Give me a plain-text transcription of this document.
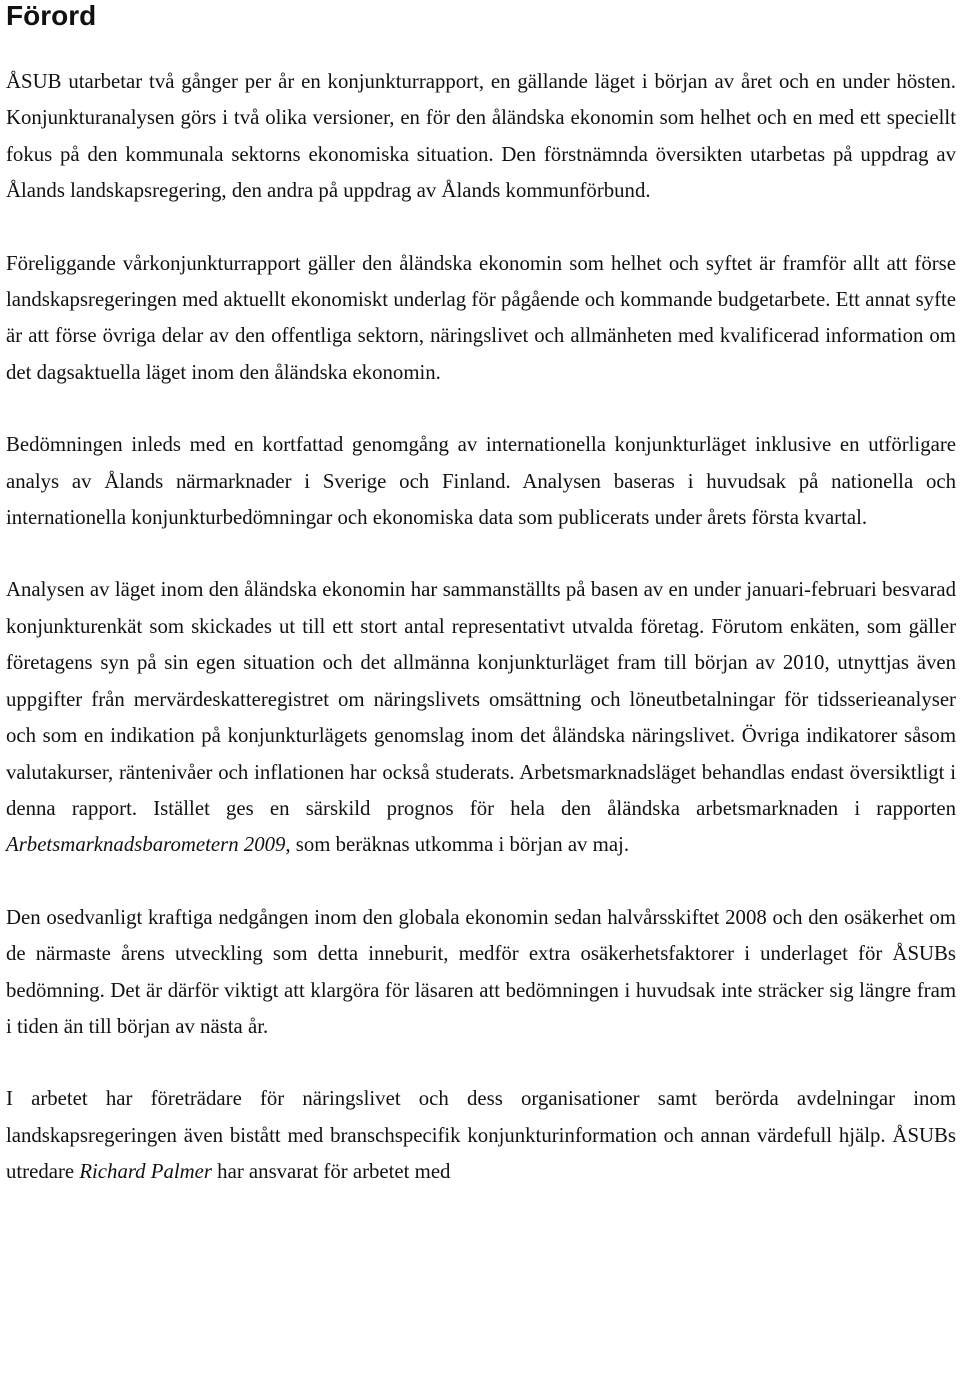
Förord

ÅSUB utarbetar två gånger per år en konjunkturrapport, en gällande läget i början av året och en under hösten. Konjunkturanalysen görs i två olika versioner, en för den åländska ekonomin som helhet och en med ett speciellt fokus på den kommunala sektorns ekonomiska situation. Den förstnämnda översikten utarbetas på uppdrag av Ålands landskapsregering, den andra på uppdrag av Ålands kommunförbund.

Föreliggande vårkonjunkturrapport gäller den åländska ekonomin som helhet och syftet är framför allt att förse landskapsregeringen med aktuellt ekonomiskt underlag för pågående och kommande budgetarbete. Ett annat syfte är att förse övriga delar av den offentliga sektorn, näringslivet och allmänheten med kvalificerad information om det dagsaktuella läget inom den åländska ekonomin.

Bedömningen inleds med en kortfattad genomgång av internationella konjunkturläget inklusive en utförligare analys av Ålands närmarknader i Sverige och Finland. Analysen baseras i huvudsak på nationella och internationella konjunkturbedömningar och ekonomiska data som publicerats under årets första kvartal.

Analysen av läget inom den åländska ekonomin har sammanställts på basen av en under januari-februari besvarad konjunkturenkät som skickades ut till ett stort antal representativt utvalda företag. Förutom enkäten, som gäller företagens syn på sin egen situation och det allmänna konjunkturläget fram till början av 2010, utnyttjas även uppgifter från mervärdeskatteregistret om näringslivets omsättning och löneutbetalningar för tidsserieanalyser och som en indikation på konjunkturlägets genomslag inom det åländska näringslivet. Övriga indikatorer såsom valutakurser, räntenivåer och inflationen har också studerats. Arbetsmarknadsläget behandlas endast översiktligt i denna rapport. Istället ges en särskild prognos för hela den åländska arbetsmarknaden i rapporten Arbetsmarknadsbarometern 2009, som beräknas utkomma i början av maj.

Den osedvanligt kraftiga nedgången inom den globala ekonomin sedan halvårsskiftet 2008 och den osäkerhet om de närmaste årens utveckling som detta inneburit, medför extra osäkerhetsfaktorer i underlaget för ÅSUBs bedömning. Det är därför viktigt att klargöra för läsaren att bedömningen i huvudsak inte sträcker sig längre fram i tiden än till början av nästa år.

I arbetet har företrädare för näringslivet och dess organisationer samt berörda avdelningar inom landskapsregeringen även bistått med branschspecifik konjunkturinformation och annan värdefull hjälp. ÅSUBs utredare Richard Palmer har ansvarat för arbetet med
